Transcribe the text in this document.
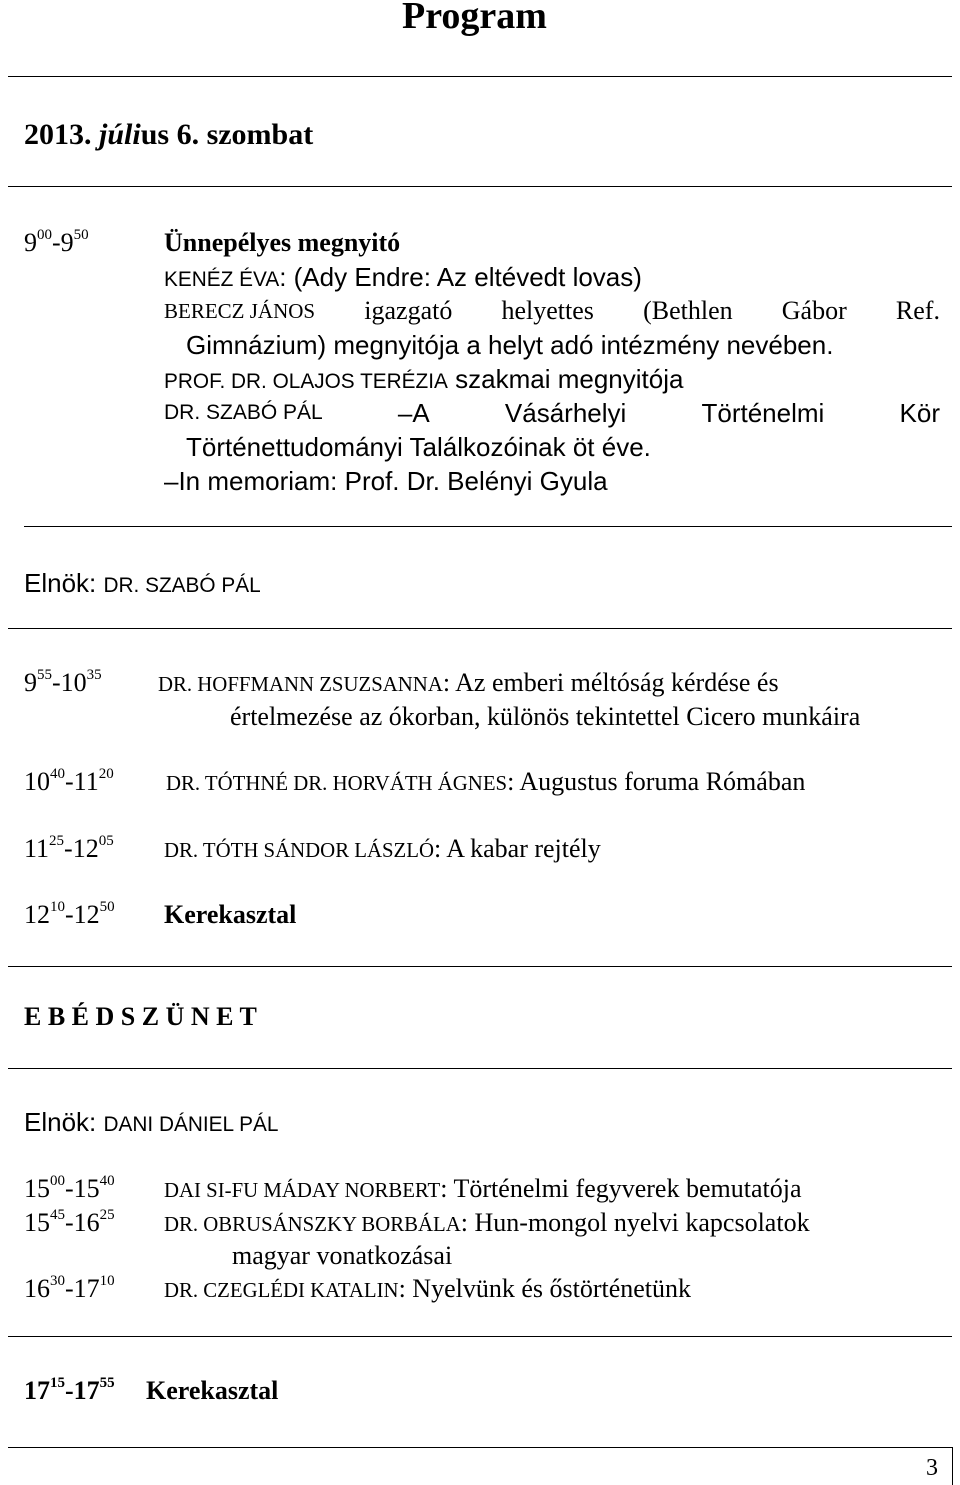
Program
2013. július 6. szombat
$9^{00}-9^{50}$	Ünnepélyes megnyitó
KENÉZ ÉVA: (Ady Endre: Az eltévedt lovas)
BERECZ JÁNOS igazgató helyettes (Bethlen Gábor Ref.
Gimnázium) megnyitója a helyt adó intézmény nevében.
PROF. DR. OLAJOS TERÉZIA szakmai megnyitója
DR. SZABÓ PÁL	–A	Vásárhelyi	Történelmi	Kör
Történettudományi Találkozóinak öt éve.
–In memoriam: Prof. Dr. Belényi Gyula
Elnök: DR. SZABÓ PÁL
$9^{55}-10^{35}$	DR. HOFFMANN ZSUZSANNA: Az emberi méltóság kérdése és
értelmezése az ókorban, különös tekintettel Cicero munkáira
$10^{40}-11^{20}$	DR. TÓTHNÉ DR. HORVÁTH ÁGNES: Augustus foruma Rómában
$11^{25}-12^{05}$ DR. TÓTH SÁNDOR LÁSZLÓ: A kabar rejtély
$12^{10}-12^{50}$ Kerekasztal
E B É D S Z Ü N E T
Elnök: DANI DÁNIEL PÁL
$15^{00}-15^{40}$ DAI SI-FU MÁDAY NORBERT: Történelmi fegyverek bemutatója
$15^{45}-16^{25}$ DR. OBRUSÁNSZKY BORBÁLA: Hun-mongol nyelvi kapcsolatok
magyar vonatkozásai
$16^{30}-17^{10}$ DR. CZEGLÉDI KATALIN: Nyelvünk és őstörténetünk
$17^{15}-17^{55}$ Kerekasztal
3
